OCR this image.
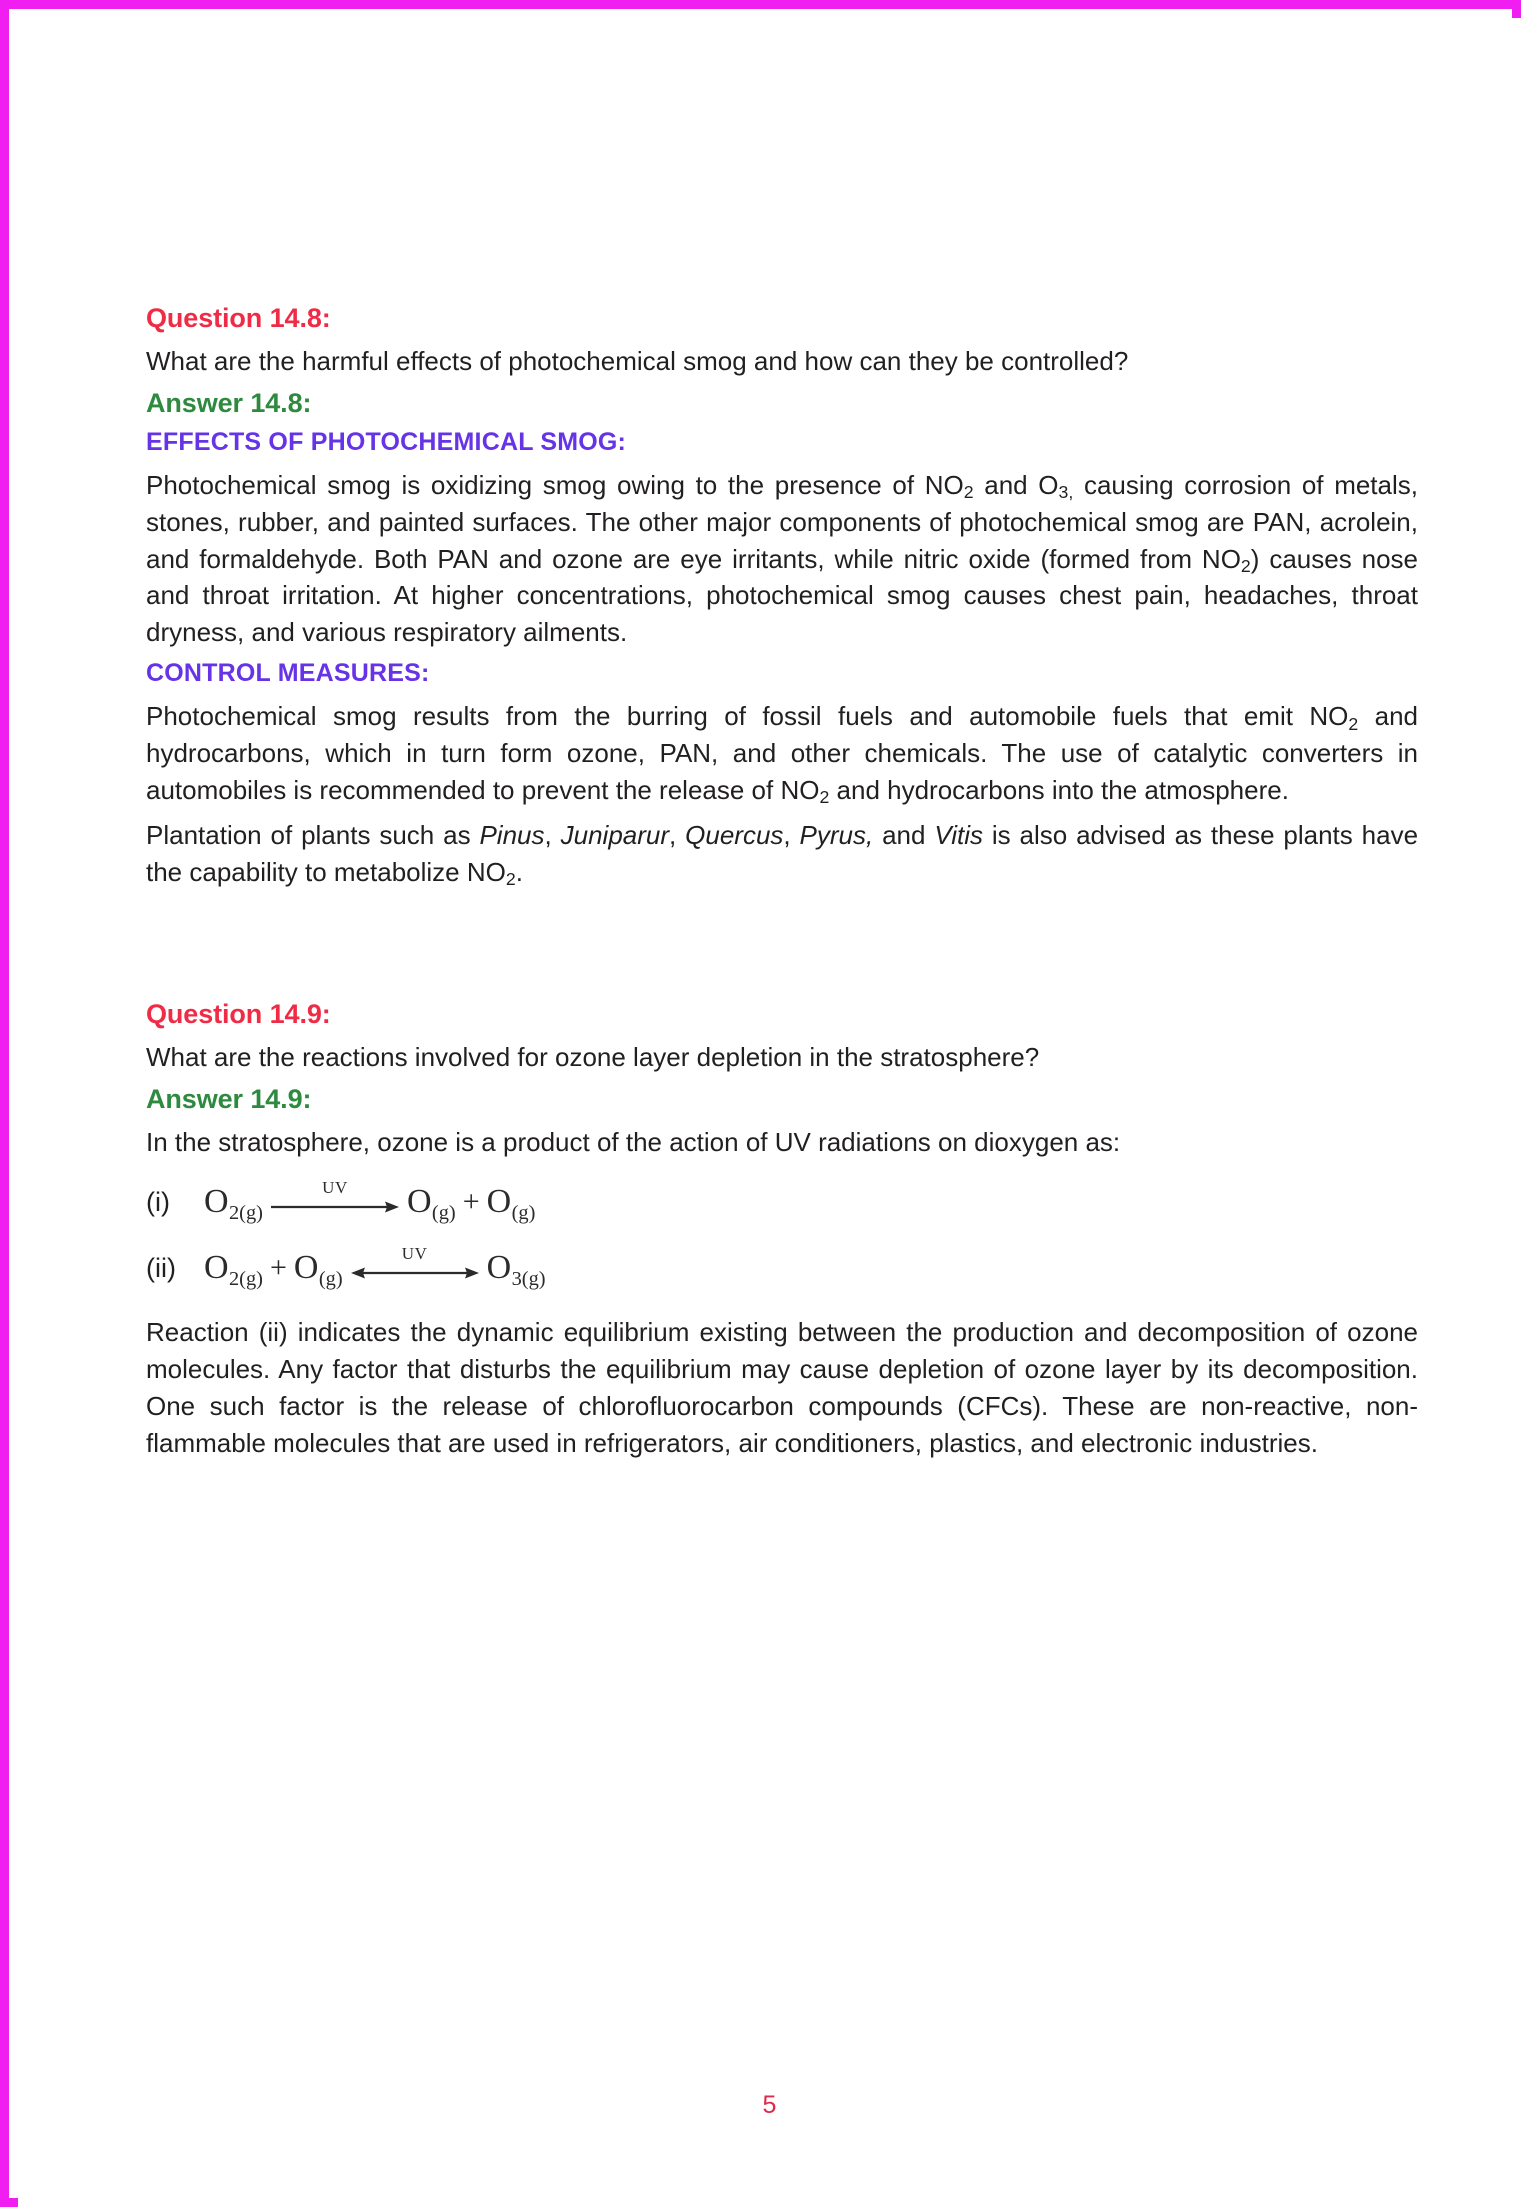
Question 14.8:

What are the harmful effects of photochemical smog and how can they be controlled?

Answer 14.8:
EFFECTS OF PHOTOCHEMICAL SMOG:

Photochemical smog is oxidizing smog owing to the presence of $NO_2$ and $O_{3,}$ causing corrosion of metals, stones, rubber, and painted surfaces. The other major components of photochemical smog are PAN, acrolein, and formaldehyde. Both PAN and ozone are eye irritants, while nitric oxide (formed from $NO_2$) causes nose and throat irritation. At higher concentrations, photochemical smog causes chest pain, headaches, throat dryness, and various respiratory ailments.

CONTROL MEASURES:

Photochemical smog results from the burring of fossil fuels and automobile fuels that emit $NO_2$ and hydrocarbons, which in turn form ozone, PAN, and other chemicals. The use of catalytic converters in automobiles is recommended to prevent the release of $NO_2$ and hydrocarbons into the atmosphere.

Plantation of plants such as Pinus, Juniparur, Quercus, Pyrus, and Vitis is also advised as these plants have the capability to metabolize $NO_2$.

Question 14.9:

What are the reactions involved for ozone layer depletion in the stratosphere?

Answer 14.9:

In the stratosphere, ozone is a product of the action of UV radiations on dioxygen as:

(i)	$O_{2(g)}$
UV $O_{(g)} + O_{(g)}$
(ii) $O_{2(g)} + O_{(g)}$
UV $O_{3(g)}$

Reaction (ii) indicates the dynamic equilibrium existing between the production and decomposition of ozone molecules. Any factor that disturbs the equilibrium may cause depletion of ozone layer by its decomposition. One such factor is the release of chlorofluorocarbon compounds (CFCs). These are non-reactive, non-flammable molecules that are used in refrigerators, air conditioners, plastics, and electronic industries.

5
